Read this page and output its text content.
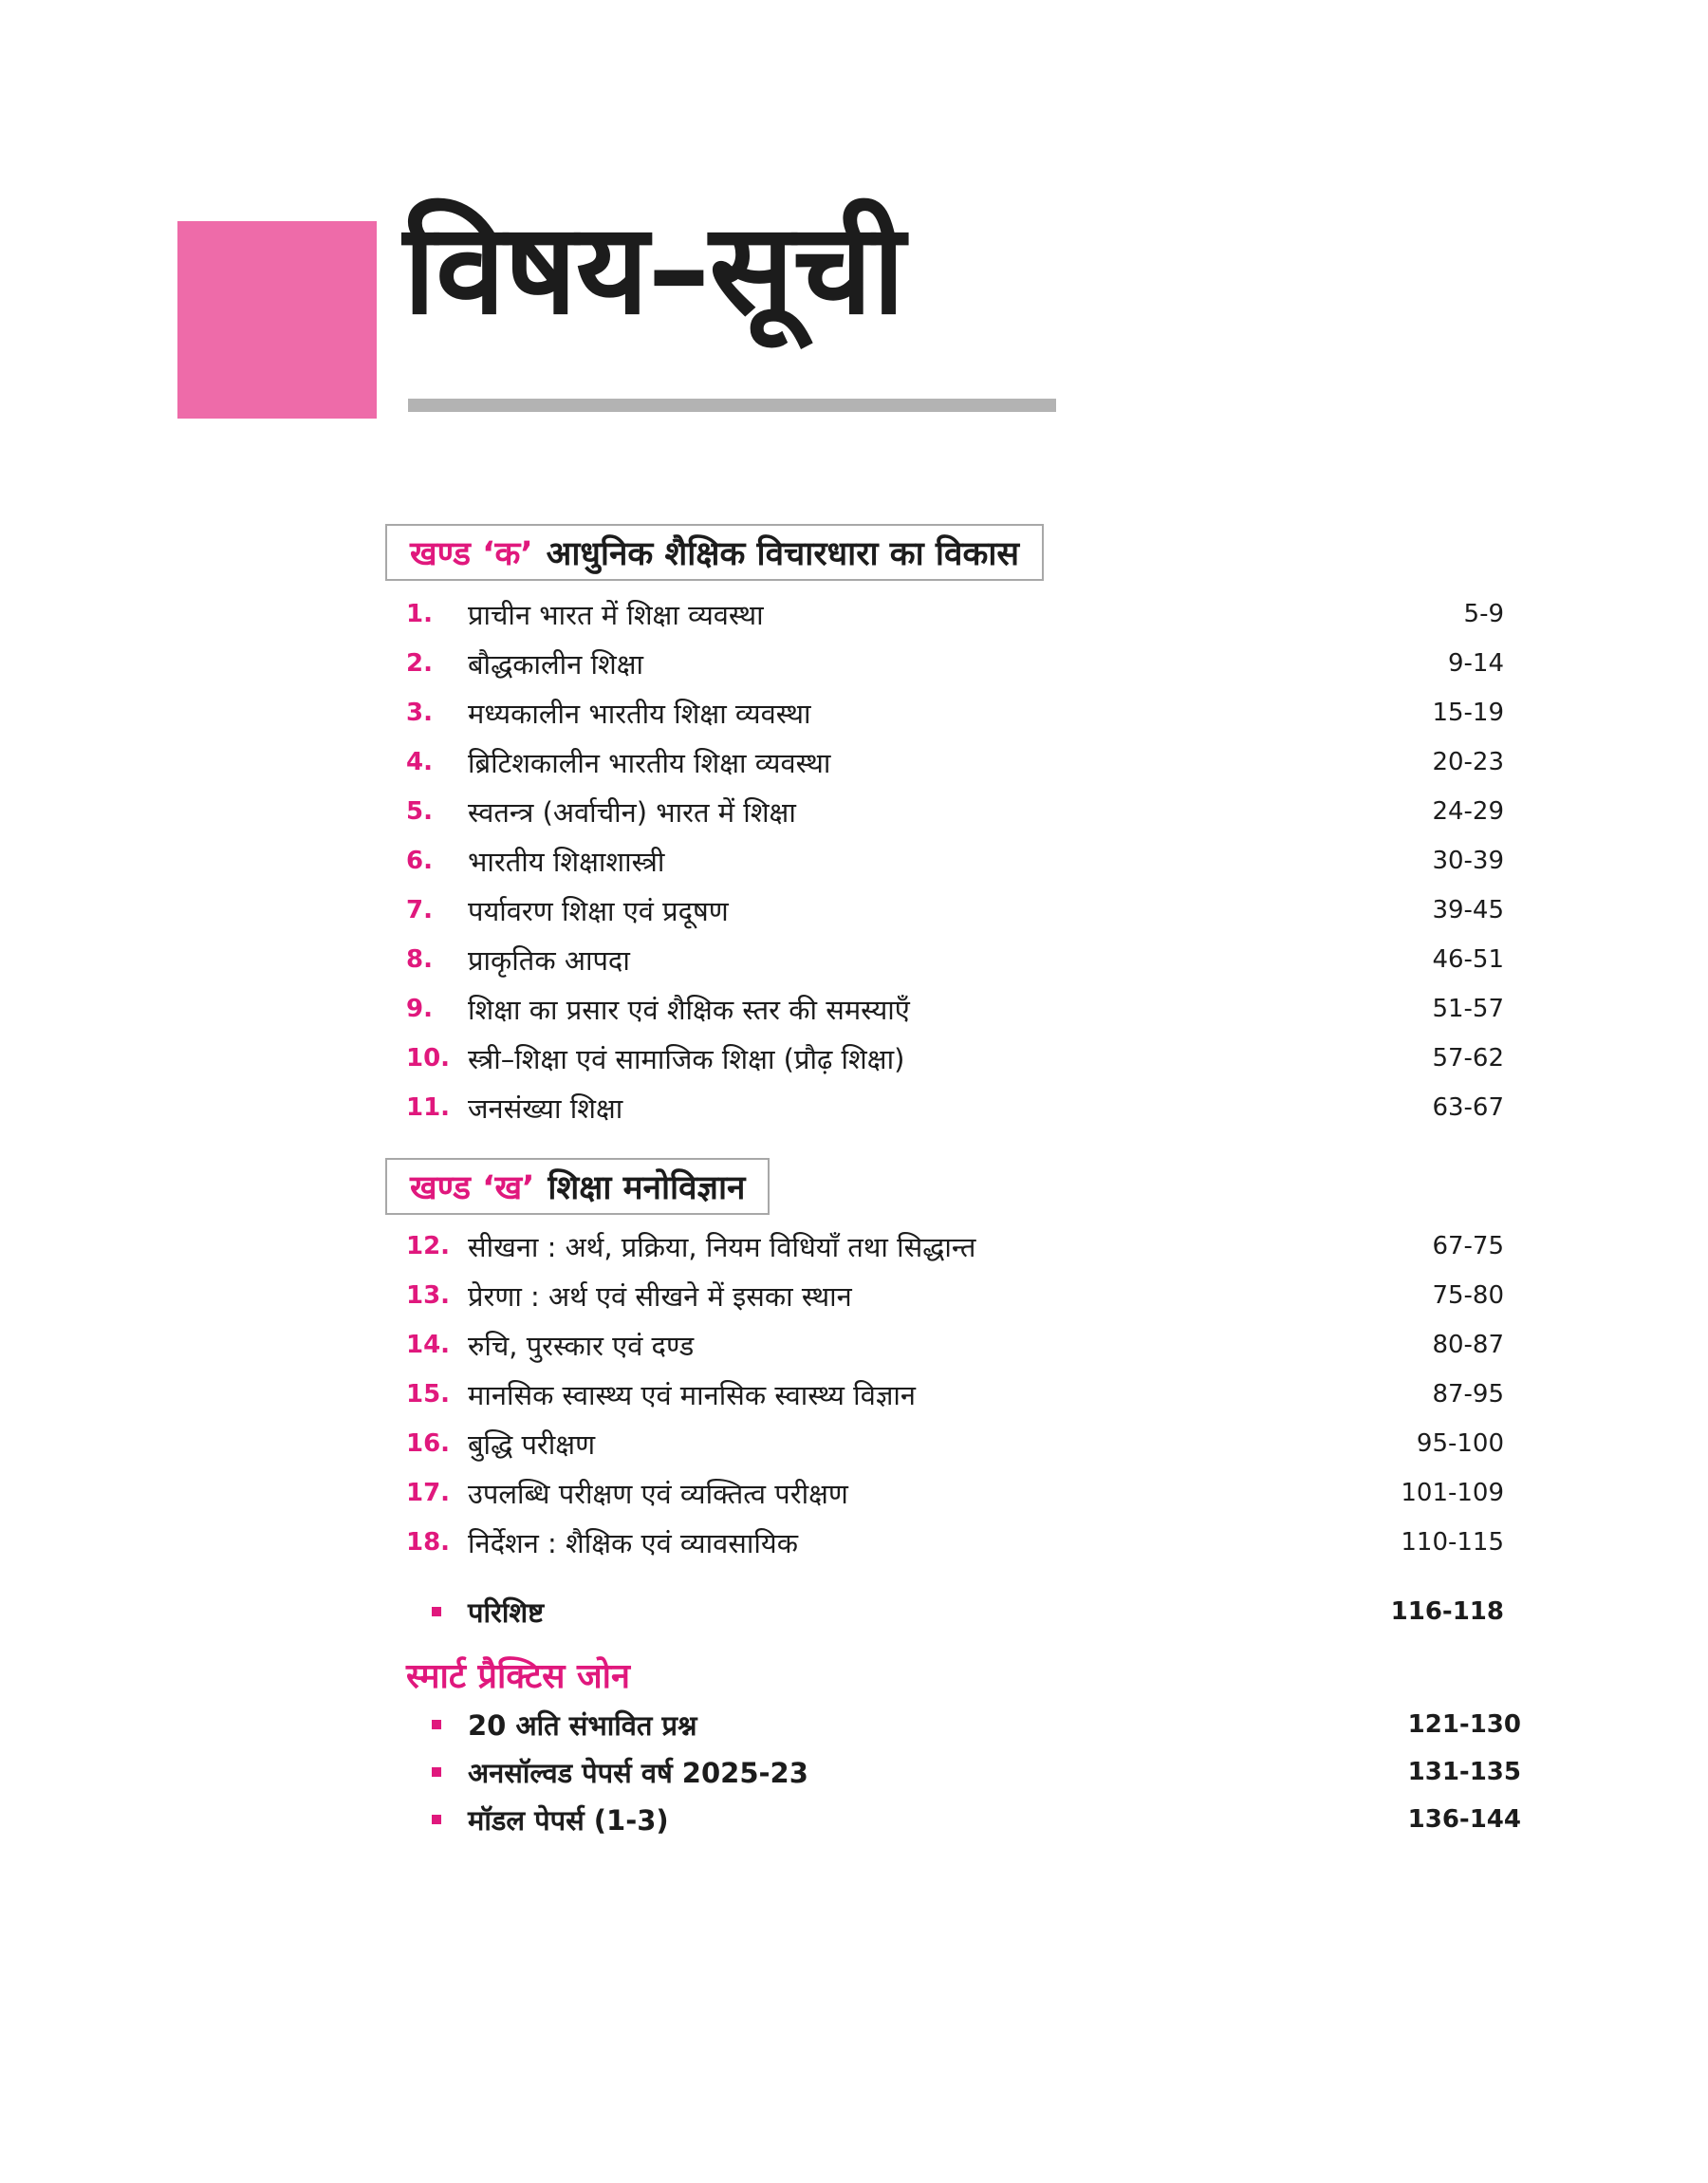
विषय–सूची
खण्ड ‘क’ आधुनिक शैक्षिक विचारधारा का विकास
1.	प्राचीन भारत में शिक्षा व्यवस्था	5-9
2.	बौद्धकालीन शिक्षा	9-14
3.	मध्यकालीन भारतीय शिक्षा व्यवस्था	15-19
4.	ब्रिटिशकालीन भारतीय शिक्षा व्यवस्था	20-23
5.	स्वतन्त्र (अर्वाचीन) भारत में शिक्षा	24-29
6.	भारतीय शिक्षाशास्त्री	30-39
7.	पर्यावरण शिक्षा एवं प्रदूषण	39-45
8.	प्राकृतिक आपदा	46-51
9.	शिक्षा का प्रसार एवं शैक्षिक स्तर की समस्याएँ	51-57
10. स्त्री–शिक्षा एवं सामाजिक शिक्षा (प्रौढ़ शिक्षा)	57-62
11. जनसंख्या शिक्षा	63-67
खण्ड ‘ख’ शिक्षा मनोविज्ञान
12. सीखना : अर्थ, प्रक्रिया, नियम विधियाँ तथा सिद्धान्त	67-75
13. प्रेरणा : अर्थ एवं सीखने में इसका स्थान	75-80
14. रुचि, पुरस्कार एवं दण्ड	80-87
15. मानसिक स्वास्थ्य एवं मानसिक स्वास्थ्य विज्ञान	87-95
16. बुद्धि परीक्षण	95-100
17. उपलब्धि परीक्षण एवं व्यक्तित्व परीक्षण	101-109
18. निर्देशन : शैक्षिक एवं व्यावसायिक	110-115
परिशिष्ट	116-118
स्मार्ट प्रैक्टिस जोन
20 अति संभावित प्रश्न	121-130
अनसॉल्वड पेपर्स वर्ष 2025-23	131-135
मॉडल पेपर्स (1-3)	136-144
